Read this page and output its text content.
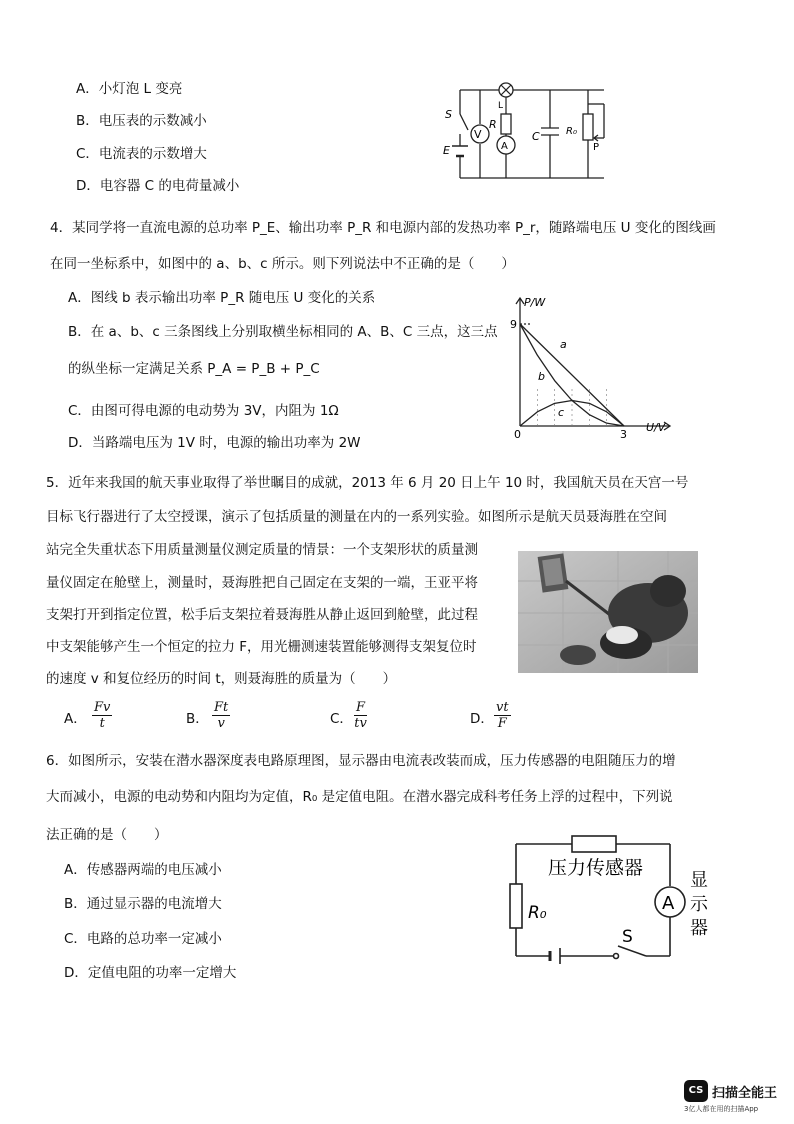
A．小灯泡 L 变亮
B．电压表的示数减小
C．电流表的示数增大
D．电容器 C 的电荷量减小
V
A
S
E
L
R
C	R₀
P
4．某同学将一直流电源的总功率 P_E、输出功率 P_R 和电源内部的发热功率 P_r，随路端电压 U 变化的图线画
在同一坐标系中，如图中的 a、b、c 所示。则下列说法中不正确的是（　　）
A．图线 b 表示输出功率 P_R 随电压 U 变化的关系
B．在 a、b、c 三条图线上分别取横坐标相同的 A、B、C 三点，这三点
的纵坐标一定满足关系 P_A = P_B + P_C
C．由图可得电源的电动势为 3V，内阻为 1Ω
D．当路端电压为 1V 时，电源的输出功率为 2W
P/W
U/V
0	3
9
a
b
c
5．近年来我国的航天事业取得了举世瞩目的成就，2013 年 6 月 20 日上午 10 时，我国航天员在天宫一号
目标飞行器进行了太空授课，演示了包括质量的测量在内的一系列实验。如图所示是航天员聂海胜在空间
站完全失重状态下用质量测量仪测定质量的情景：一个支架形状的质量测
量仪固定在舱壁上，测量时，聂海胜把自己固定在支架的一端，王亚平将
支架打开到指定位置，松手后支架拉着聂海胜从静止返回到舱壁，此过程
中支架能够产生一个恒定的拉力 F，用光栅测速装置能够测得支架复位时
的速度 v 和复位经历的时间 t，则聂海胜的质量为（　　）
A． $\frac{Fv}{t}$	B． $\frac{Ft}{v}$	C． $\frac{F}{tv}$	D． $\frac{vt}{F}$
6．如图所示，安装在潜水器深度表电路原理图，显示器由电流表改装而成，压力传感器的电阻随压力的增
大而减小，电源的电动势和内阻均为定值，R₀ 是定值电阻。在潜水器完成科考任务上浮的过程中，下列说
法正确的是（　　）
A．传感器两端的电压减小
B．通过显示器的电流增大
C．电路的总功率一定减小
D．定值电阻的功率一定增大
压力传感器
R₀	A
S
显
示
器
CS 扫描全能王
3亿人都在用的扫描App
